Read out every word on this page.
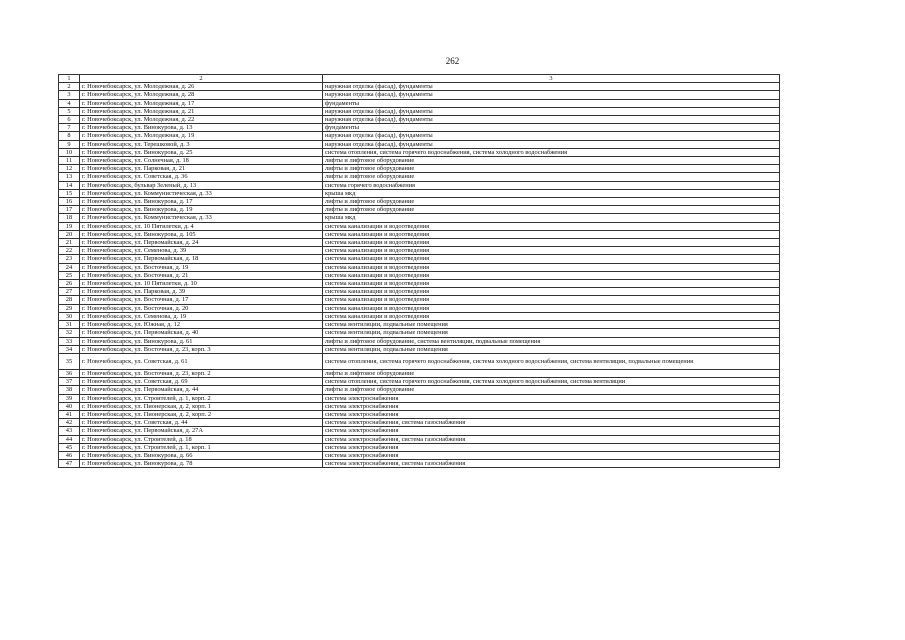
262
1	2	3
2	г. Новочебоксарск, ул. Молодежная, д. 26	наружная отделка (фасад), фундаменты
3	г. Новочебоксарск, ул. Молодежная, д. 28	наружная отделка (фасад), фундаменты
4	г. Новочебоксарск, ул. Молодежная, д. 17	фундаменты
5	г. Новочебоксарск, ул. Молодежная, д. 21	наружная отделка (фасад), фундаменты
6	г. Новочебоксарск, ул. Молодежная, д. 22	наружная отделка (фасад), фундаменты
7	г. Новочебоксарск, ул. Винокурова, д. 13	фундаменты
8	г. Новочебоксарск, ул. Молодежная, д. 19	наружная отделка (фасад), фундаменты
9	г. Новочебоксарск, ул. Терешковой, д. 3	наружная отделка (фасад), фундаменты
10	г. Новочебоксарск, ул. Винокурова, д. 25	система отопления, система горячего водоснабжения, система холодного водоснабжения
11	г. Новочебоксарск, ул. Солнечная, д. 18	лифты и лифтовое оборудование
12	г. Новочебоксарск, ул. Парковая, д. 21	лифты и лифтовое оборудование
13	г. Новочебоксарск, ул. Советская, д. 36	лифты и лифтовое оборудование
14	г. Новочебоксарск, бульвар Зеленый, д. 13	система горячего водоснабжения
15	г. Новочебоксарск, ул. Коммунистическая, д. 33	крыша мкд
16	г. Новочебоксарск, ул. Винокурова, д. 17	лифты и лифтовое оборудование
17	г. Новочебоксарск, ул. Винокурова, д. 19	лифты и лифтовое оборудование
18	г. Новочебоксарск, ул. Коммунистическая, д. 33	крыша мкд
19	г. Новочебоксарск, ул. 10 Пятилетки, д. 4	система канализации и водоотведения
20	г. Новочебоксарск, ул. Винокурова, д. 105	система канализации и водоотведения
21	г. Новочебоксарск, ул. Первомайская, д. 24	система канализации и водоотведения
22	г. Новочебоксарск, ул. Семенова, д. 39	система канализации и водоотведения
23	г. Новочебоксарск, ул. Первомайская, д. 18	система канализации и водоотведения
24	г. Новочебоксарск, ул. Восточная, д. 19	система канализации и водоотведения
25	г. Новочебоксарск, ул. Восточная, д. 21	система канализации и водоотведения
26	г. Новочебоксарск, ул. 10 Пятилетки, д. 10	система канализации и водоотведения
27	г. Новочебоксарск, ул. Парковая, д. 39	система канализации и водоотведения
28	г. Новочебоксарск, ул. Восточная, д. 17	система канализации и водоотведения
29	г. Новочебоксарск, ул. Восточная, д. 20	система канализации и водоотведения
30	г. Новочебоксарск, ул. Семенова, д. 19	система канализации и водоотведения
31	г. Новочебоксарск, ул. Южная, д. 12	система вентиляции, подвальные помещения
32	г. Новочебоксарск, ул. Первомайская, д. 40	система вентиляции, подвальные помещения
33	г. Новочебоксарск, ул. Винокурова, д. 61	лифты и лифтовое оборудование, система вентиляции, подвальные помещения
34	г. Новочебоксарск, ул. Восточная, д. 23, корп. 3	система вентиляции, подвальные помещения
35	г. Новочебоксарск, ул. Советская, д. 61	система отопления, система горячего водоснабжения, система холодного водоснабжения, система вентиляции, подвальные помещения
36	г. Новочебоксарск, ул. Восточная, д. 23, корп. 2	лифты и лифтовое оборудование
37	г. Новочебоксарск, ул. Советская, д. 69	система отопления, система горячего водоснабжения, система холодного водоснабжения, система вентиляции
38	г. Новочебоксарск, ул. Первомайская, д. 44	лифты и лифтовое оборудование
39	г. Новочебоксарск, ул. Строителей, д. 1, корп. 2	система электроснабжения
40	г. Новочебоксарск, ул. Пионерская, д. 2, корп. 1	система электроснабжения
41	г. Новочебоксарск, ул. Пионерская, д. 2, корп. 2	система электроснабжения
42	г. Новочебоксарск, ул. Советская, д. 44	система электроснабжения, система газоснабжения
43	г. Новочебоксарск, ул. Первомайская, д. 27А	система электроснабжения
44	г. Новочебоксарск, ул. Строителей, д. 18	система электроснабжения, система газоснабжения
45	г. Новочебоксарск, ул. Строителей, д. 1, корп. 1	система электроснабжения
46	г. Новочебоксарск, ул. Винокурова, д. 66	система электроснабжения
47	г. Новочебоксарск, ул. Винокурова, д. 78	система электроснабжения, система газоснабжения
